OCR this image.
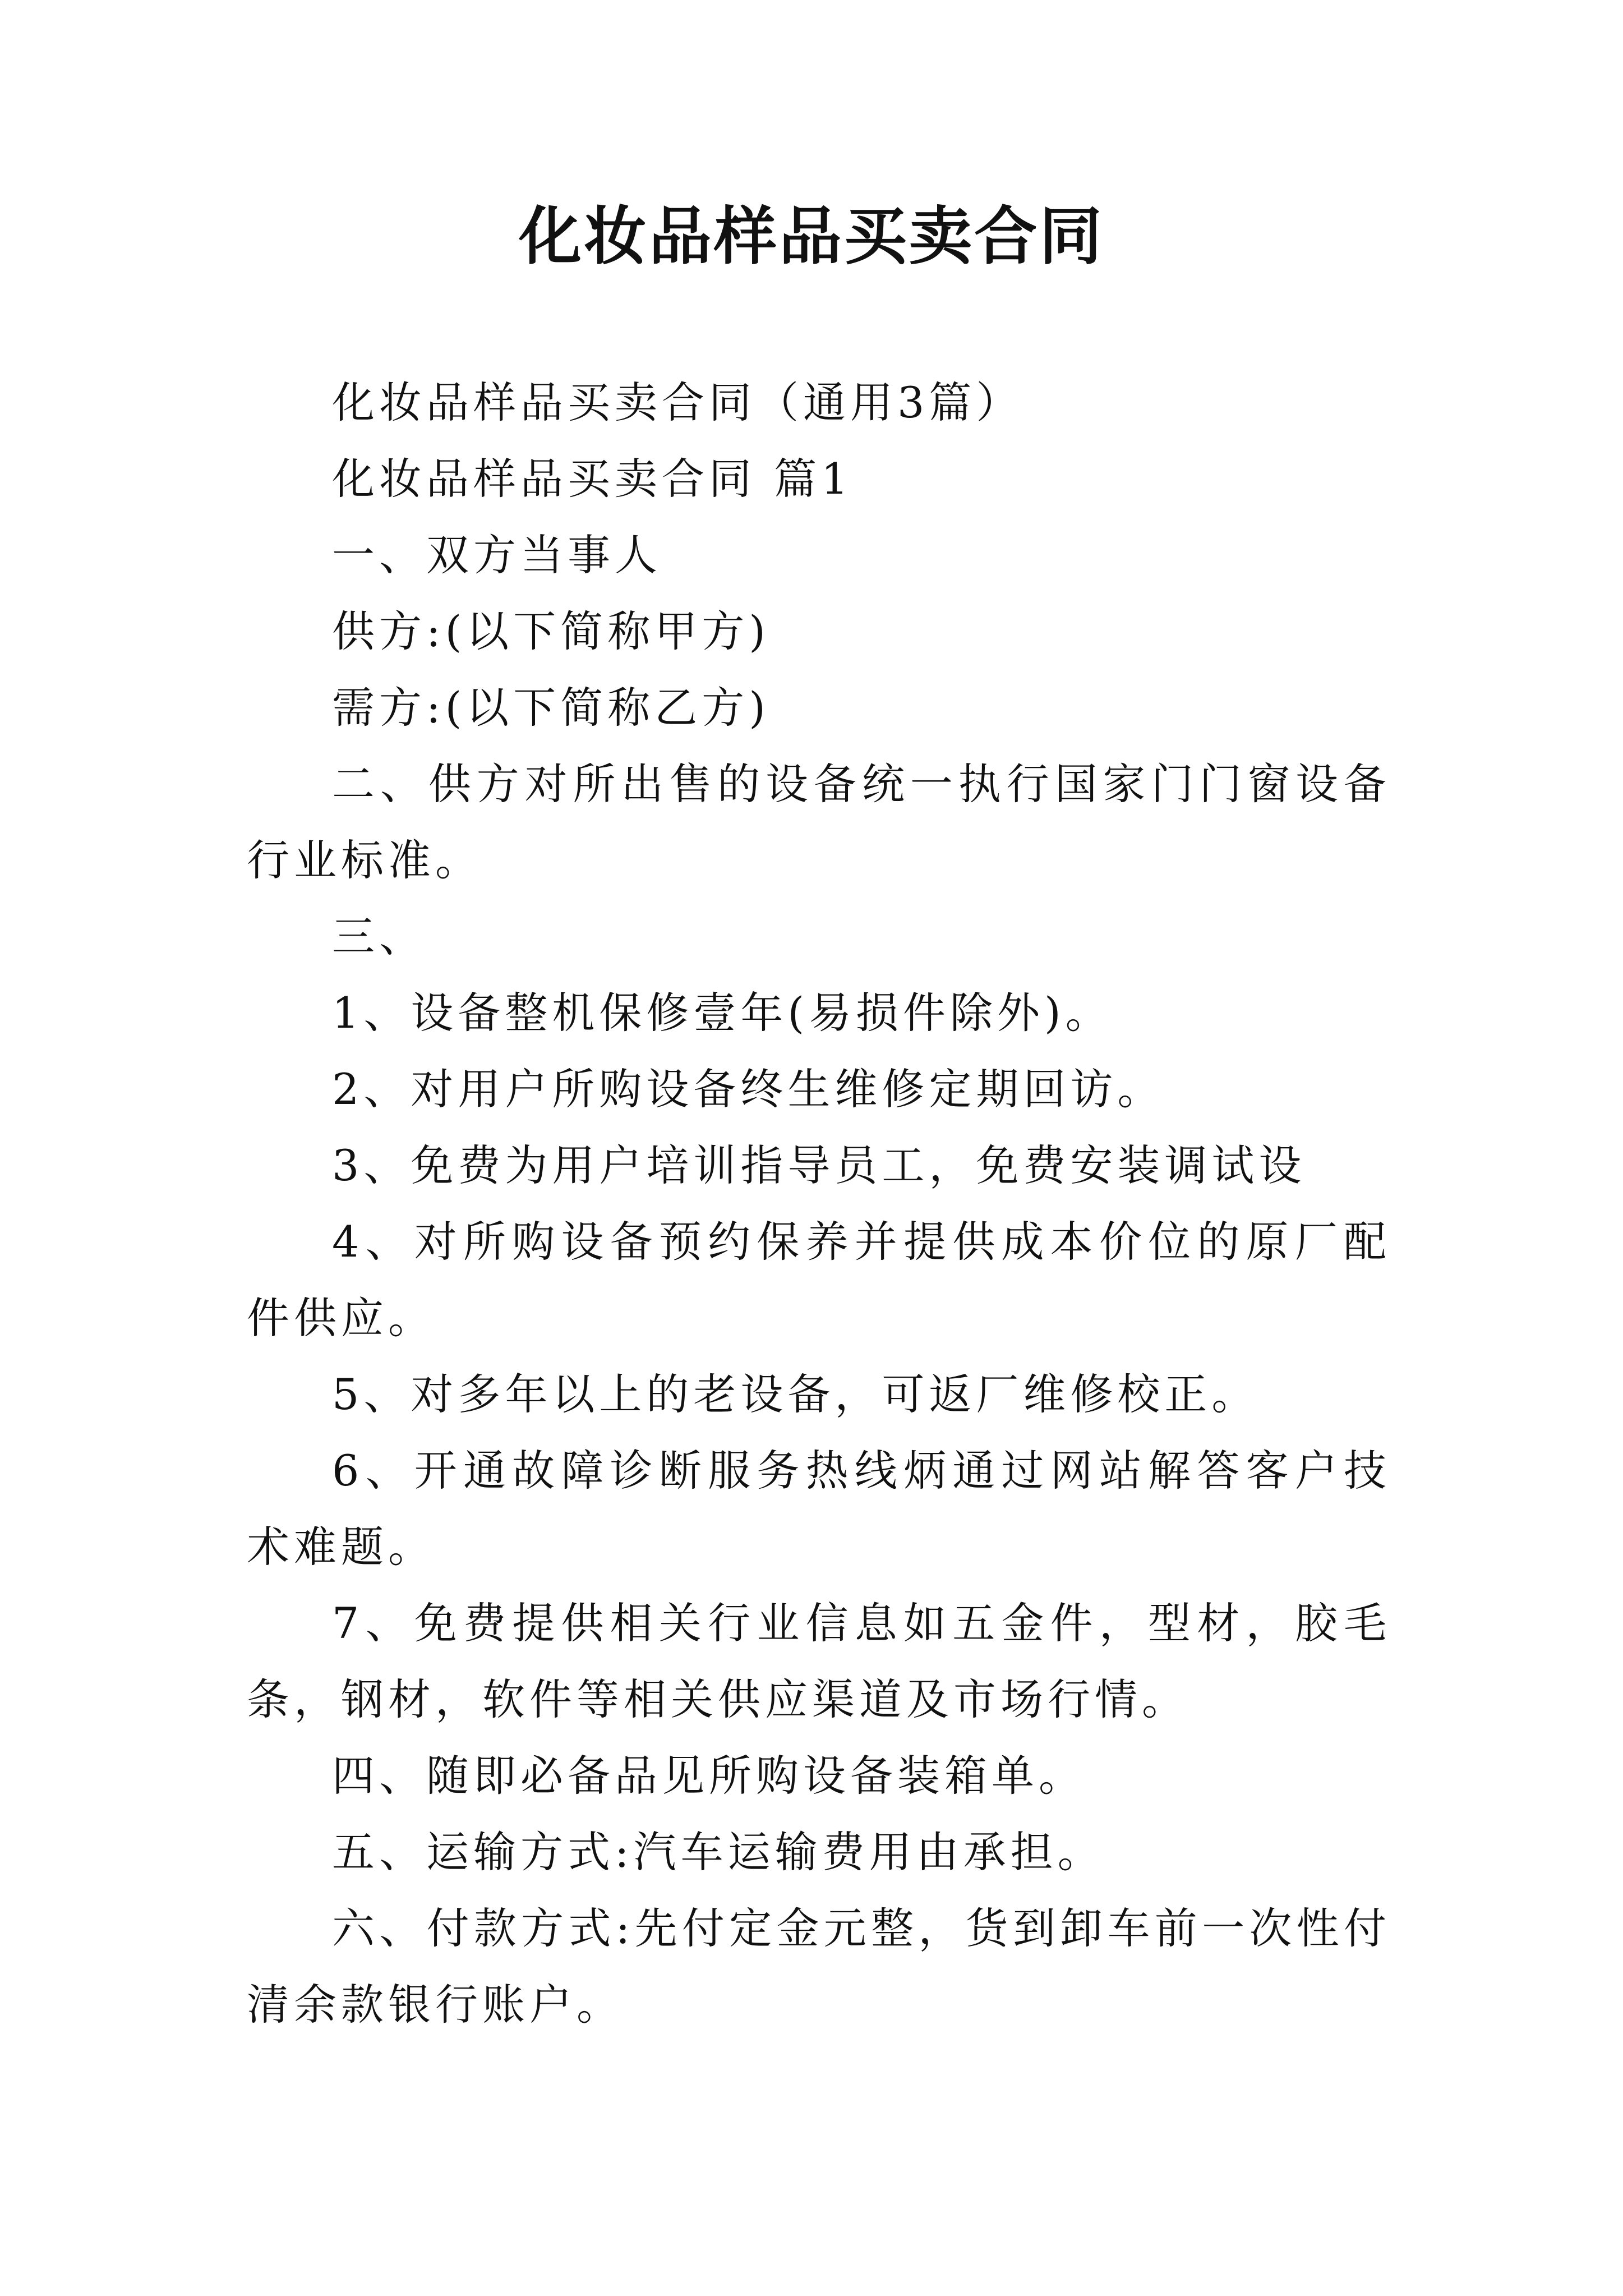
化妆品样品买卖合同

化妆品样品买卖合同（通用3篇）

化妆品样品买卖合同 篇1

一、双方当事人

供方:(以下简称甲方)

需方:(以下简称乙方)

二、供方对所出售的设备统一执行国家门门窗设备行业标准。

三、

1、设备整机保修壹年(易损件除外)。

2、对用户所购设备终生维修定期回访。

3、免费为用户培训指导员工，免费安装调试设

4、对所购设备预约保养并提供成本价位的原厂配件供应。

5、对多年以上的老设备，可返厂维修校正。

6、开通故障诊断服务热线炳通过网站解答客户技术难题。

7、免费提供相关行业信息如五金件，型材，胶毛条，钢材，软件等相关供应渠道及市场行情。

四、随即必备品见所购设备装箱单。

五、运输方式:汽车运输费用由承担。

六、付款方式:先付定金元整，货到卸车前一次性付清余款银行账户。
